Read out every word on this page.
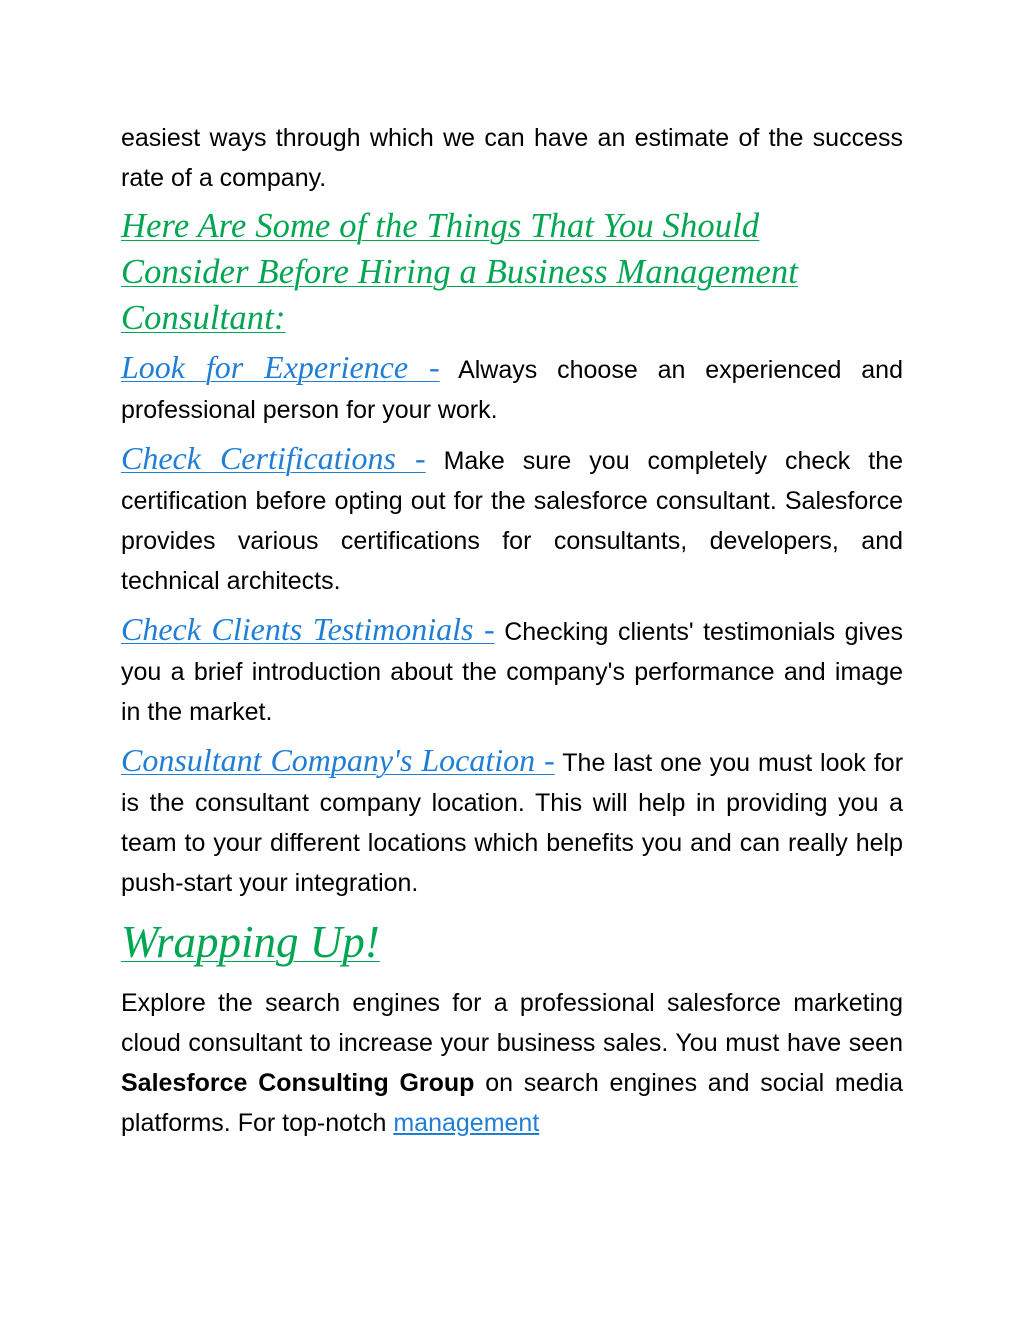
easiest ways through which we can have an estimate of the success rate of a company.

Here Are Some of the Things That You Should
Consider Before Hiring a Business Management
Consultant:

Look for Experience - Always choose an experienced and professional person for your work.

Check Certifications - Make sure you completely check the certification before opting out for the salesforce consultant. Salesforce provides various certifications for consultants, developers, and technical architects.

Check Clients Testimonials - Checking clients' testimonials gives you a brief introduction about the company's performance and image in the market.

Consultant Company's Location - The last one you must look for is the consultant company location. This will help in providing you a team to your different locations which benefits you and can really help push-start your integration.

Wrapping Up!

Explore the search engines for a professional salesforce marketing cloud consultant to increase your business sales. You must have seen Salesforce Consulting Group on search engines and social media platforms. For top-notch management
